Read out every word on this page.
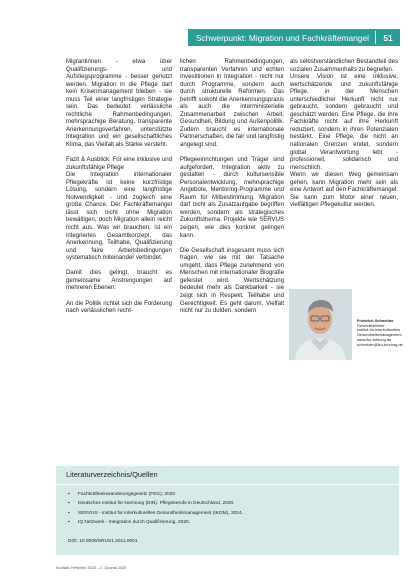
Schwerpunkt: Migration und Fachkräftemangel	51

Migrantinnen - etwa über Qualifizierungs- und Aufstiegsprogramme - besser genutzt werden. Migration in die Pflege darf kein Krisenmanagement bleiben - sie muss Teil einer langfristigen Strategie sein. Das bedeutet: verlässliche rechtliche Rahmenbedingungen, mehrsprachige Beratung, transparente Anerkennungsverfahren, unterstützte Integration und ein gesellschaftliches Klima, das Vielfalt als Stärke versteht.

Fazit & Ausblick: Für eine inklusive und zukunftsfähige Pflege

Die Integration internationaler Pflegekräfte ist keine kurzfristige Lösung, sondern eine langfristige Notwendigkeit - und zugleich eine große Chance. Der Fachkräftemangel lässt sich nicht ohne Migration bewältigen, doch Migration allein reicht nicht aus. Was wir brauchen, ist ein integriertes Gesamtkonzept, das Anerkennung, Teilhabe, Qualifizierung und faire Arbeitsbedingungen systematisch miteinander verbindet.

Damit dies gelingt, braucht es gemeinsame Anstrengungen auf mehreren Ebenen:

An die Politik richtet sich die Forderung nach verlässlichen recht-

lichen Rahmenbedingungen, transparenten Verfahren und echten Investitionen in Integration - nicht nur durch Programme, sondern auch durch strukturelle Reformen. Das betrifft sowohl die Anerkennungspraxis als auch die interministerielle Zusammenarbeit zwischen Arbeit, Gesundheit, Bildung und Außenpolitik. Zudem braucht es internationale Partnerschaften, die fair und langfristig angelegt sind.

Pflegeeinrichtungen und Träger sind aufgefordert, Integration aktiv zu gestalten - durch kultursensible Personalentwicklung, mehrsprachige Angebote, Mentoring-Programme und Raum für Mitbestimmung. Migration darf nicht als Zusatzaufgabe begriffen werden, sondern als strategisches Zukunftsthema. Projekte wie SERVUS zeigen, wie dies konkret gelingen kann.

Die Gesellschaft insgesamt muss sich fragen, wie sie mit der Tatsache umgeht, dass Pflege zunehmend von Menschen mit internationaler Biografie geleistet wird. Wertschätzung bedeutet mehr als Dankbarkeit - sie zeigt sich in Respekt, Teilhabe und Gerechtigkeit. Es geht darum, Vielfalt nicht nur zu dulden, sondern

als selbstverständlichen Bestandteil des sozialen Zusammenhalts zu begreifen.

Unsere Vision ist eine inklusive, wertschätzende und zukunftsfähige Pflege, in der Menschen unterschiedlicher Herkunft nicht nur gebraucht, sondern gebraucht und geschätzt werden. Eine Pflege, die ihre Fachkräfte nicht auf ihre Herkunft reduziert, sondern in ihren Potenzialen bestärkt. Eine Pflege, die nicht an nationalen Grenzen endet, sondern global Verantwortung lebt - professionell, solidarisch und menschlich.

Wenn wir diesen Weg gemeinsam gehen, kann Migration mehr sein als eine Antwort auf den Fachkräftemangel. Sie kann zum Motor einer neuen, vielfältigen Pflegekultur werden.

Friedrich Schneider
Geschäftsführer
Institut für interkulturelles
Gesundheitsmanagement
www.iku-fuhrung.de
schneider@iku-fuhrung.de
Literaturverzeichnis/Quellen
▪ Fachkräfteeinwanderungsgesetz (FEG), 2020
▪ Deutsches Institut für Normung (DIN). Pflegeberufe in Deutschland, 2020.
▪ SERVUS - Institut für interkulturelles Gesundheitsmanagement (IKGM), 2024.
▪ IQ Netzwerk - Integration durch Qualifizierung, 2020.
DOI: 10.0000/SRUS1.2011.0001
Kontakt: Heftreihe 2025 – 2. Quartal 2025
